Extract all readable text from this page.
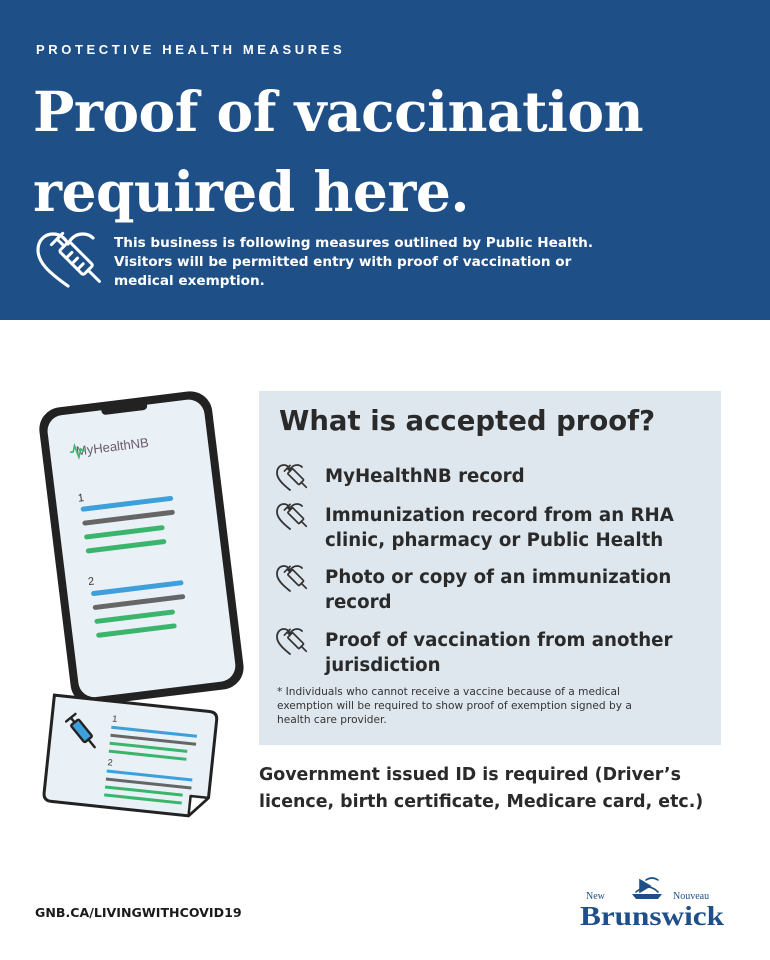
PROTECTIVE HEALTH MEASURES
Proof of vaccination
required here.
This business is following measures outlined by Public Health.
Visitors will be permitted entry with proof of vaccination or
medical exemption.
MyHealthNB
1
2
1
2
What is accepted proof?
MyHealthNB record
Immunization record from an RHA
clinic, pharmacy or Public Health
Photo or copy of an immunization
record
Proof of vaccination from another
jurisdiction
* Individuals who cannot receive a vaccine because of a medical
exemption will be required to show proof of exemption signed by a
health care provider.
Government issued ID is required (Driver’s
licence, birth certificate, Medicare card, etc.)
GNB.CA/LIVINGWITHCOVID19
New	Nouveau
Brunswick
